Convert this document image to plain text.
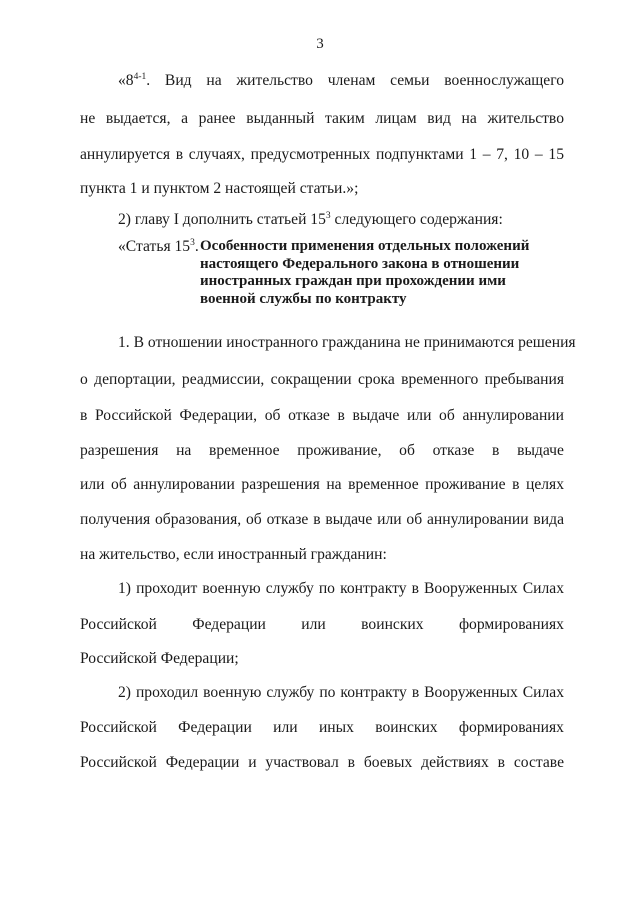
3
«8$^{4-1}$. Вид на жительство членам семьи военнослужащего
не выдается, а ранее выданный таким лицам вид на жительство
аннулируется в случаях, предусмотренных подпунктами 1 – 7, 10 – 15
пункта 1 и пунктом 2 настоящей статьи.»;
2) главу I дополнить статьей $15^3$ следующего содержания:
«Статья $15^3$. Особенности применения отдельных положений
настоящего Федерального закона в отношении
иностранных граждан при прохождении ими
военной службы по контракту
1. В отношении иностранного гражданина не принимаются решения
о депортации, реадмиссии, сокращении срока временного пребывания
в Российской Федерации, об отказе в выдаче или об аннулировании
разрешения на временное проживание, об отказе в выдаче
или об аннулировании разрешения на временное проживание в целях
получения образования, об отказе в выдаче или об аннулировании вида
на жительство, если иностранный гражданин:
1) проходит военную службу по контракту в Вооруженных Силах
Российской Федерации или воинских формированиях
Российской Федерации;
2) проходил военную службу по контракту в Вооруженных Силах
Российской Федерации или иных воинских формированиях
Российской Федерации и участвовал в боевых действиях в составе
